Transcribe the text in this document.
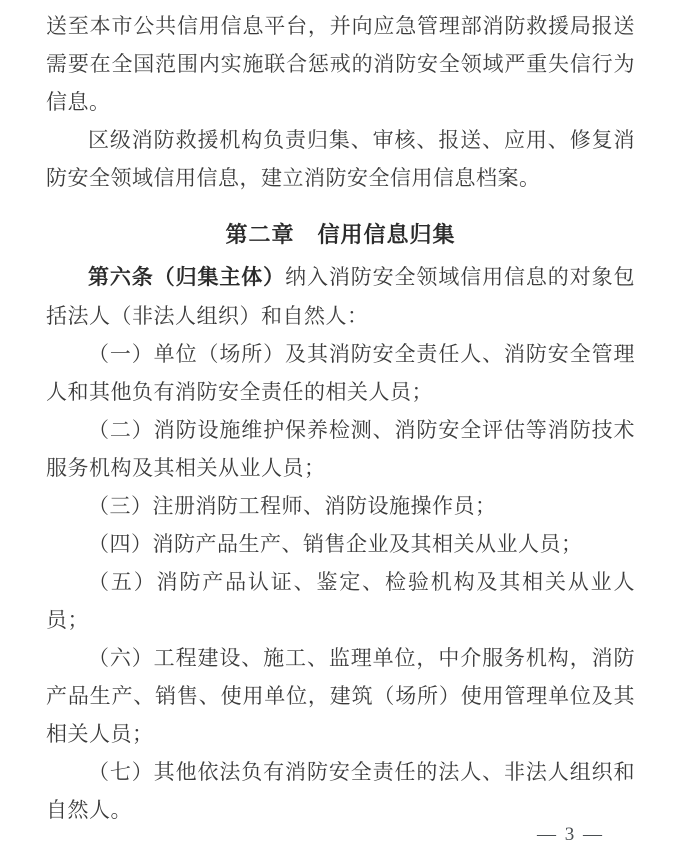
送至本市公共信用信息平台，并向应急管理部消防救援局报送需要在全国范围内实施联合惩戒的消防安全领域严重失信行为信息。

区级消防救援机构负责归集、审核、报送、应用、修复消防安全领域信用信息，建立消防安全信用信息档案。

第二章　信用信息归集

第六条（归集主体）纳入消防安全领域信用信息的对象包括法人（非法人组织）和自然人：

（一）单位（场所）及其消防安全责任人、消防安全管理人和其他负有消防安全责任的相关人员；

（二）消防设施维护保养检测、消防安全评估等消防技术服务机构及其相关从业人员；

（三）注册消防工程师、消防设施操作员；

（四）消防产品生产、销售企业及其相关从业人员；

（五）消防产品认证、鉴定、检验机构及其相关从业人员；

（六）工程建设、施工、监理单位，中介服务机构，消防产品生产、销售、使用单位，建筑（场所）使用管理单位及其相关人员；

（七）其他依法负有消防安全责任的法人、非法人组织和自然人。

— 3 —
